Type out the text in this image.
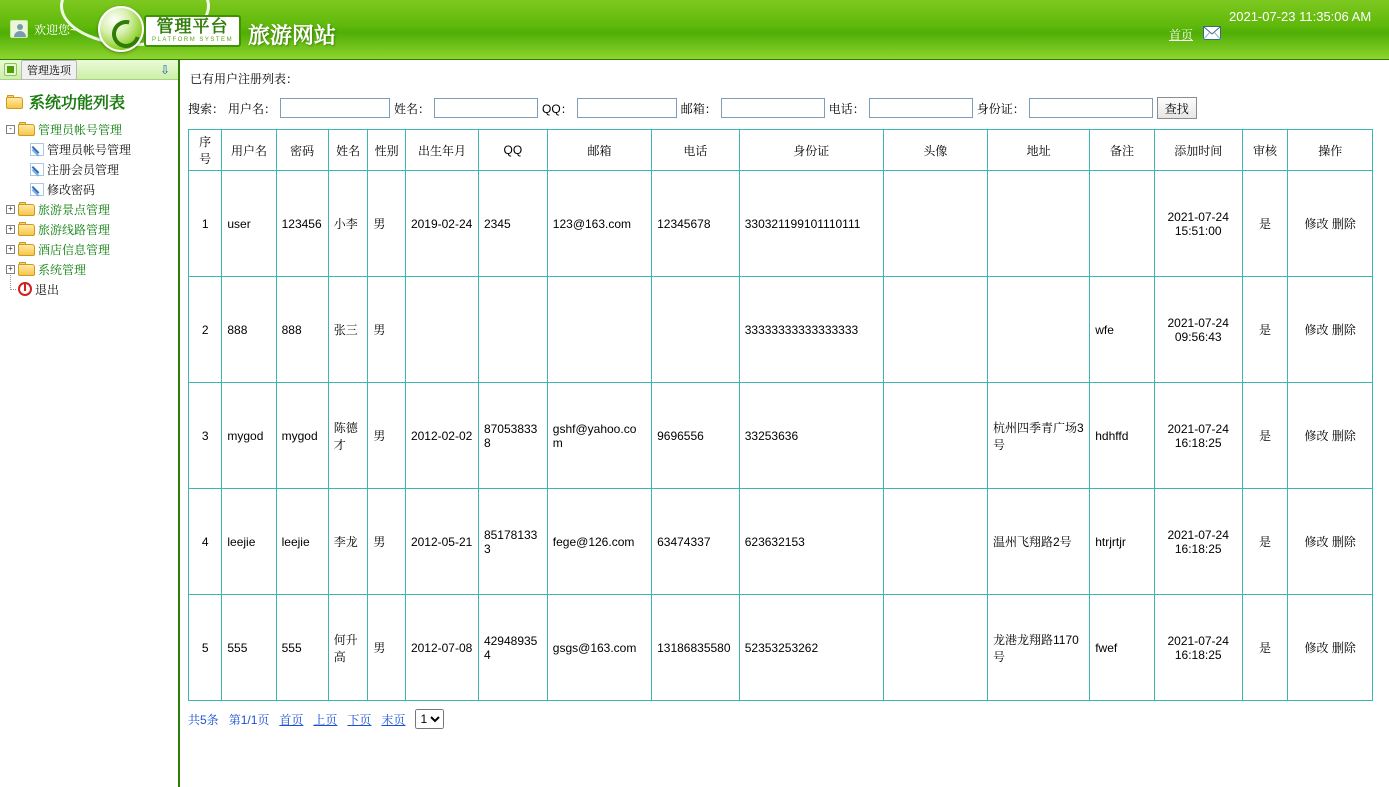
欢迎您~	管理平台
PLATFORM SYSTEM 旅游网站	首页
2021-07-23 11:35:06 AM
管理选项	⇩
系统功能列表
- 管理员帐号管理
管理员帐号管理
注册会员管理
修改密码
+ 旅游景点管理
+ 旅游线路管理
+ 酒店信息管理
+ 系统管理
退出
已有用户注册列表：
搜索： 用户名：	姓名：	QQ：	邮箱：	电话：	身份证：	查找
序号	用户名	密码	姓名	性别	出生年月	QQ	邮箱	电话	身份证	头像	地址	备注	添加时间	审核	操作
1	user	123456	小李	男	2019-02-24	2345	123@163.com	12345678	330321199101110111				2021-07-24 15:51:00	是	修改 删除
2	888	888	张三	男					33333333333333333			wfe	2021-07-24 09:56:43	是	修改 删除
3	mygod	mygod	陈德才	男	2012-02-02	870538338	gshf@yahoo.com	9696556	33253636		杭州四季青广场3号	hdhffd	2021-07-24 16:18:25	是	修改 删除
4	leejie	leejie	李龙	男	2012-05-21	851781333	fege@126.com	63474337	623632153		温州飞翔路2号	htrjrtjr	2021-07-24 16:18:25	是	修改 删除
5	555	555	何升高	男	2012-07-08	429489354	gsgs@163.com	13186835580	52353253262		龙港龙翔路1170号	fwef	2021-07-24 16:18:25	是	修改 删除
共5条 第1/1页 首页 上页 下页 末页
1
